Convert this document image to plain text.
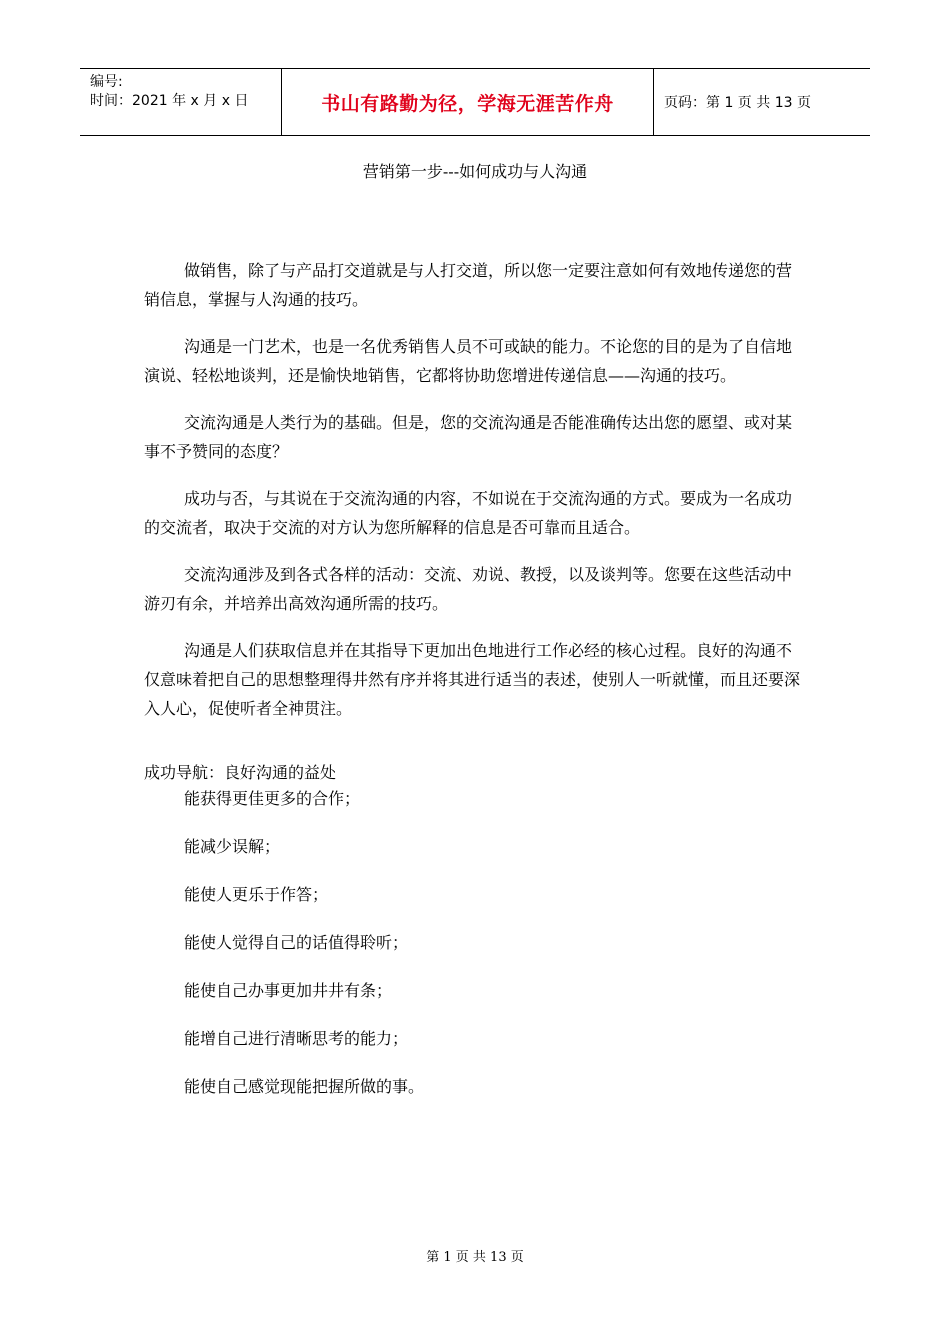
编号:
时间：2021 年 x 月 x 日	书山有路勤为径，学海无涯苦作舟	页码：第 1 页 共 13 页
营销第一步---如何成功与人沟通

做销售，除了与产品打交道就是与人打交道，所以您一定要注意如何有效地传递您的营销信息，掌握与人沟通的技巧。

沟通是一门艺术，也是一名优秀销售人员不可或缺的能力。不论您的目的是为了自信地演说、轻松地谈判，还是愉快地销售，它都将协助您增进传递信息——沟通的技巧。

交流沟通是人类行为的基础。但是，您的交流沟通是否能准确传达出您的愿望、或对某事不予赞同的态度？

成功与否，与其说在于交流沟通的内容，不如说在于交流沟通的方式。要成为一名成功的交流者，取决于交流的对方认为您所解释的信息是否可靠而且适合。

交流沟通涉及到各式各样的活动：交流、劝说、教授，以及谈判等。您要在这些活动中游刃有余，并培养出高效沟通所需的技巧。

沟通是人们获取信息并在其指导下更加出色地进行工作必经的核心过程。良好的沟通不仅意味着把自己的思想整理得井然有序并将其进行适当的表述，使别人一听就懂，而且还要深入人心，促使听者全神贯注。

成功导航：良好沟通的益处
能获得更佳更多的合作；
能减少误解；
能使人更乐于作答；
能使人觉得自己的话值得聆听；
能使自己办事更加井井有条；
能增自己进行清晰思考的能力；
能使自己感觉现能把握所做的事。
第 1 页 共 13 页
